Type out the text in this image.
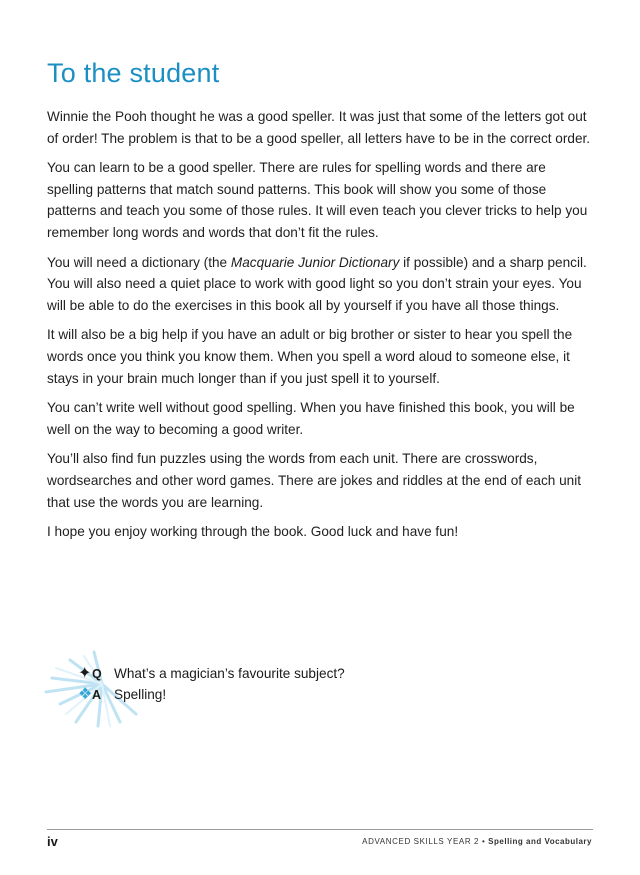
To the student

Winnie the Pooh thought he was a good speller. It was just that some of the letters got out of order! The problem is that to be a good speller, all letters have to be in the correct order.

You can learn to be a good speller. There are rules for spelling words and there are spelling patterns that match sound patterns. This book will show you some of those patterns and teach you some of those rules. It will even teach you clever tricks to help you remember long words and words that don’t fit the rules.

You will need a dictionary (the Macquarie Junior Dictionary if possible) and a sharp pencil. You will also need a quiet place to work with good light so you don’t strain your eyes. You will be able to do the exercises in this book all by yourself if you have all those things.

It will also be a big help if you have an adult or big brother or sister to hear you spell the words once you think you know them. When you spell a word aloud to someone else, it stays in your brain much longer than if you just spell it to yourself.

You can’t write well without good spelling. When you have finished this book, you will be well on the way to becoming a good writer.

You’ll also find fun puzzles using the words from each unit. There are crosswords, wordsearches and other word games. There are jokes and riddles at the end of each unit that use the words you are learning.

I hope you enjoy working through the book. Good luck and have fun!

✦ Q What’s a magician’s favourite subject?
❖ A Spelling!
iv	ADVANCED SKILLS YEAR 2 • Spelling and Vocabulary
